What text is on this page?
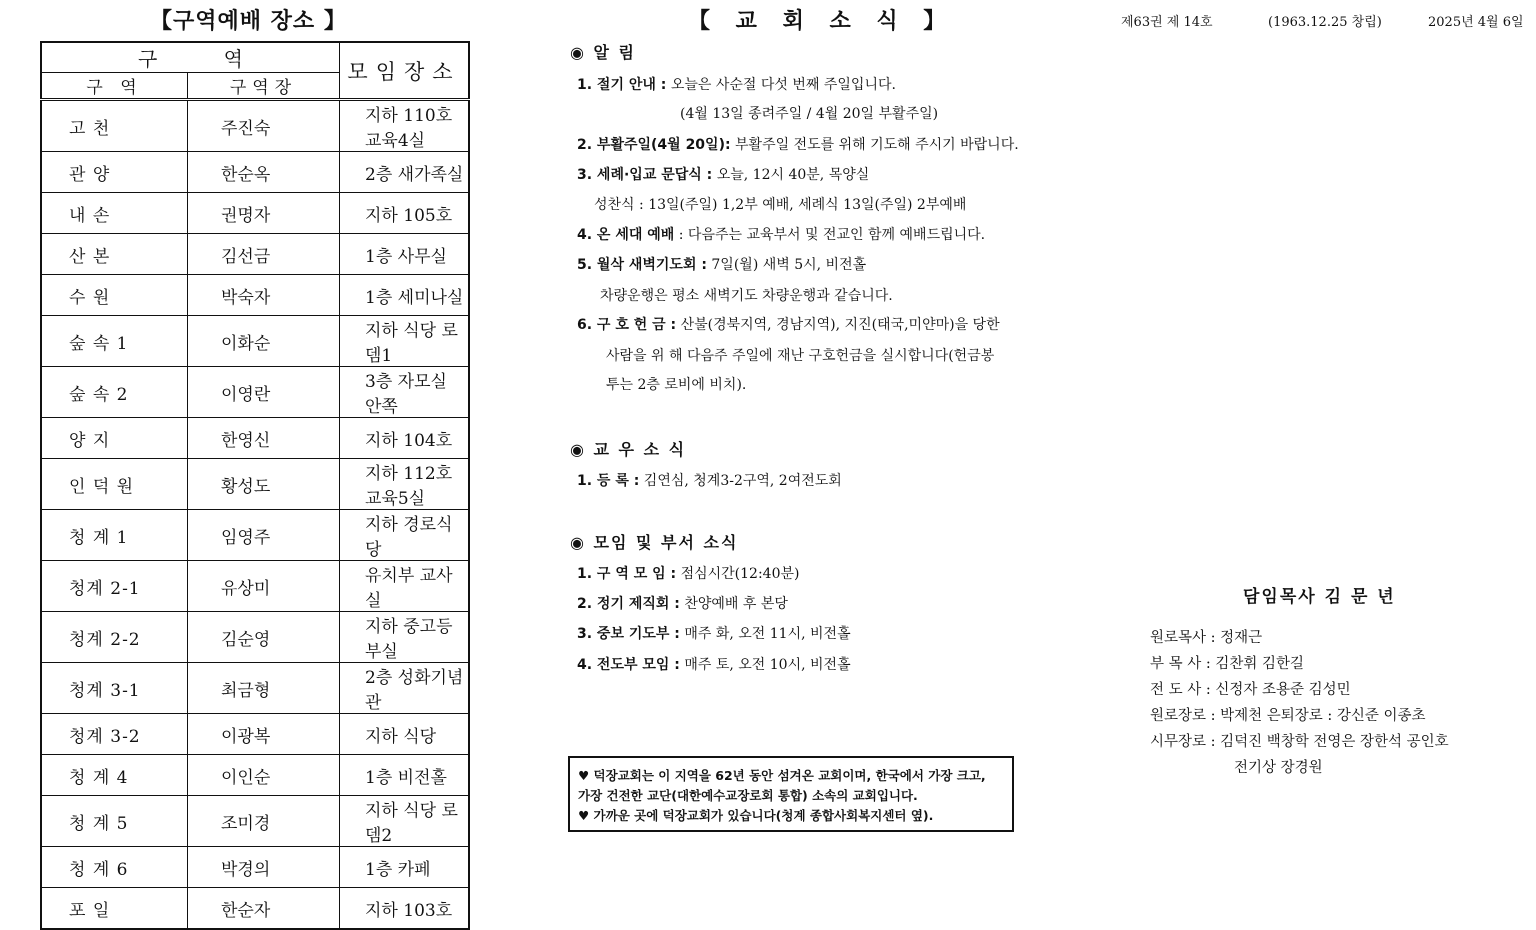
【구역예배 장소 】
구 역		모임장소
구 역	구역장	
고 천	주진숙	지하 110호 교육4실
관 양	한순옥	2층 새가족실
내 손	권명자	지하 105호
산 본	김선금	1층 사무실
수 원	박숙자	1층 세미나실
숲 속 1	이화순	지하 식당 로뎀1
숲 속 2	이영란	3층 자모실 안쪽
양 지	한영신	지하 104호
인 덕 원	황성도	지하 112호 교육5실
청 계 1	임영주	지하 경로식당
청계 2-1	유상미	유치부 교사실
청계 2-2	김순영	지하 중고등부실
청계 3-1	최금형	2층 성화기념관
청계 3-2	이광복	지하 식당
청 계 4	이인순	1층 비전홀
청 계 5	조미경	지하 식당 로뎀2
청 계 6	박경의	1층 카페
포 일	한순자	지하 103호
【 교 회 소 식 】
◉ 알 림
1. 절기 안내 : 오늘은 사순절 다섯 번째 주일입니다.
(4월 13일 종려주일 / 4월 20일 부활주일)
2. 부활주일(4월 20일): 부활주일 전도를 위해 기도해 주시기 바랍니다.
3. 세례·입교 문답식 : 오늘, 12시 40분, 목양실
성찬식 : 13일(주일) 1,2부 예배, 세례식 13일(주일) 2부예배
4. 온 세대 예배 : 다음주는 교육부서 및 전교인 함께 예배드립니다.
5. 월삭 새벽기도회 : 7일(월) 새벽 5시, 비전홀
차량운행은 평소 새벽기도 차량운행과 같습니다.
6. 구 호 헌 금 : 산불(경북지역, 경남지역), 지진(태국,미얀마)을 당한
사람을 위 해 다음주 주일에 재난 구호헌금을 실시합니다(헌금봉
투는 2층 로비에 비치).
◉ 교 우 소 식
1. 등 록 : 김연심, 청계3-2구역, 2여전도회
◉ 모임 및 부서 소식
1. 구 역 모 임 : 점심시간(12:40분)
2. 정기 제직회 : 찬양예배 후 본당
3. 중보 기도부 : 매주 화, 오전 11시, 비전홀
4. 전도부 모임 : 매주 토, 오전 10시, 비전홀
♥ 덕장교회는 이 지역을 62년 동안 섬겨온 교회이며, 한국에서 가장 크고,
가장 건전한 교단(대한예수교장로회 통합) 소속의 교회입니다.
♥ 가까운 곳에 덕장교회가 있습니다(청계 종합사회복지센터 옆).
제63권 제 14호	(1963.12.25 창립)	2025년 4월 6일
담임목사 김 문 년
원로목사 : 정재근
부 목 사 : 김찬휘 김한길
전 도 사 : 신정자 조용준 김성민
원로장로 : 박제천 은퇴장로 : 강신준 이종초
시무장로 : 김덕진 백창학 전영은 장한석 공인호
전기상 장경원
